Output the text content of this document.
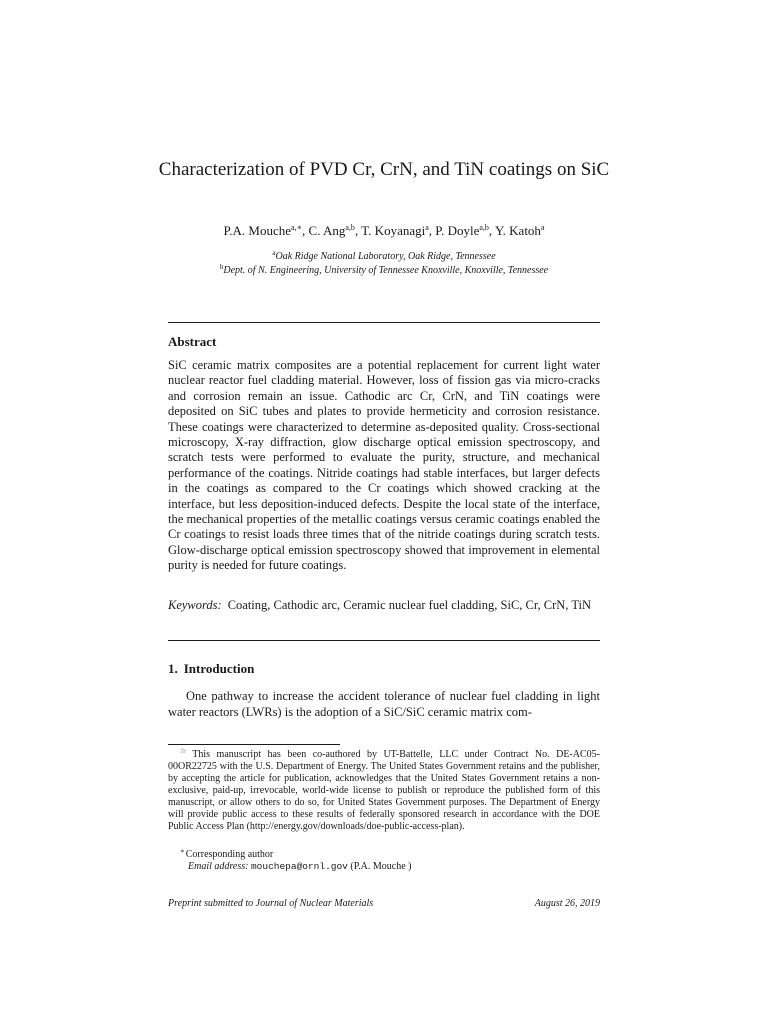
Characterization of PVD Cr, CrN, and TiN coatings on SiC
P.A. Mouche$^{a,∗}$, C. Ang$^{a,b}$, T. Koyanagi$^a$, P. Doyle$^{a,b}$, Y. Katoh$^a$
$^a$Oak Ridge National Laboratory, Oak Ridge, Tennessee
$^b$Dept. of N. Engineering, University of Tennessee Knoxville, Knoxville, Tennessee
Abstract
SiC ceramic matrix composites are a potential replacement for current light water nuclear reactor fuel cladding material. However, loss of fission gas via micro-cracks and corrosion remain an issue. Cathodic arc Cr, CrN, and TiN coatings were deposited on SiC tubes and plates to provide hermeticity and corrosion resistance. These coatings were characterized to determine as-deposited quality. Cross-sectional microscopy, X-ray diffraction, glow discharge optical emission spectroscopy, and scratch tests were performed to evaluate the purity, structure, and mechanical performance of the coatings. Nitride coatings had stable interfaces, but larger defects in the coatings as compared to the Cr coatings which showed cracking at the interface, but less deposition-induced defects. Despite the local state of the interface, the mechanical properties of the metallic coatings versus ceramic coatings enabled the Cr coatings to resist loads three times that of the nitride coatings during scratch tests. Glow-discharge optical emission spectroscopy showed that improvement in elemental purity is needed for future coatings.
Keywords: Coating, Cathodic arc, Ceramic nuclear fuel cladding, SiC, Cr, CrN, TiN
1. Introduction
One pathway to increase the accident tolerance of nuclear fuel cladding in light water reactors (LWRs) is the adoption of a SiC/SiC ceramic matrix com-
☆ This manuscript has been co-authored by UT-Battelle, LLC under Contract No. DE-AC05-00OR22725 with the U.S. Department of Energy. The United States Government retains and the publisher, by accepting the article for publication, acknowledges that the United States Government retains a non-exclusive, paid-up, irrevocable, world-wide license to publish or reproduce the published form of this manuscript, or allow others to do so, for United States Government purposes. The Department of Energy will provide public access to these results of federally sponsored research in accordance with the DOE Public Access Plan (http://energy.gov/downloads/doe-public-access-plan).
∗Corresponding author
Email address: mouchepa@ornl.gov (P.A. Mouche )
Preprint submitted to Journal of Nuclear Materials	August 26, 2019
